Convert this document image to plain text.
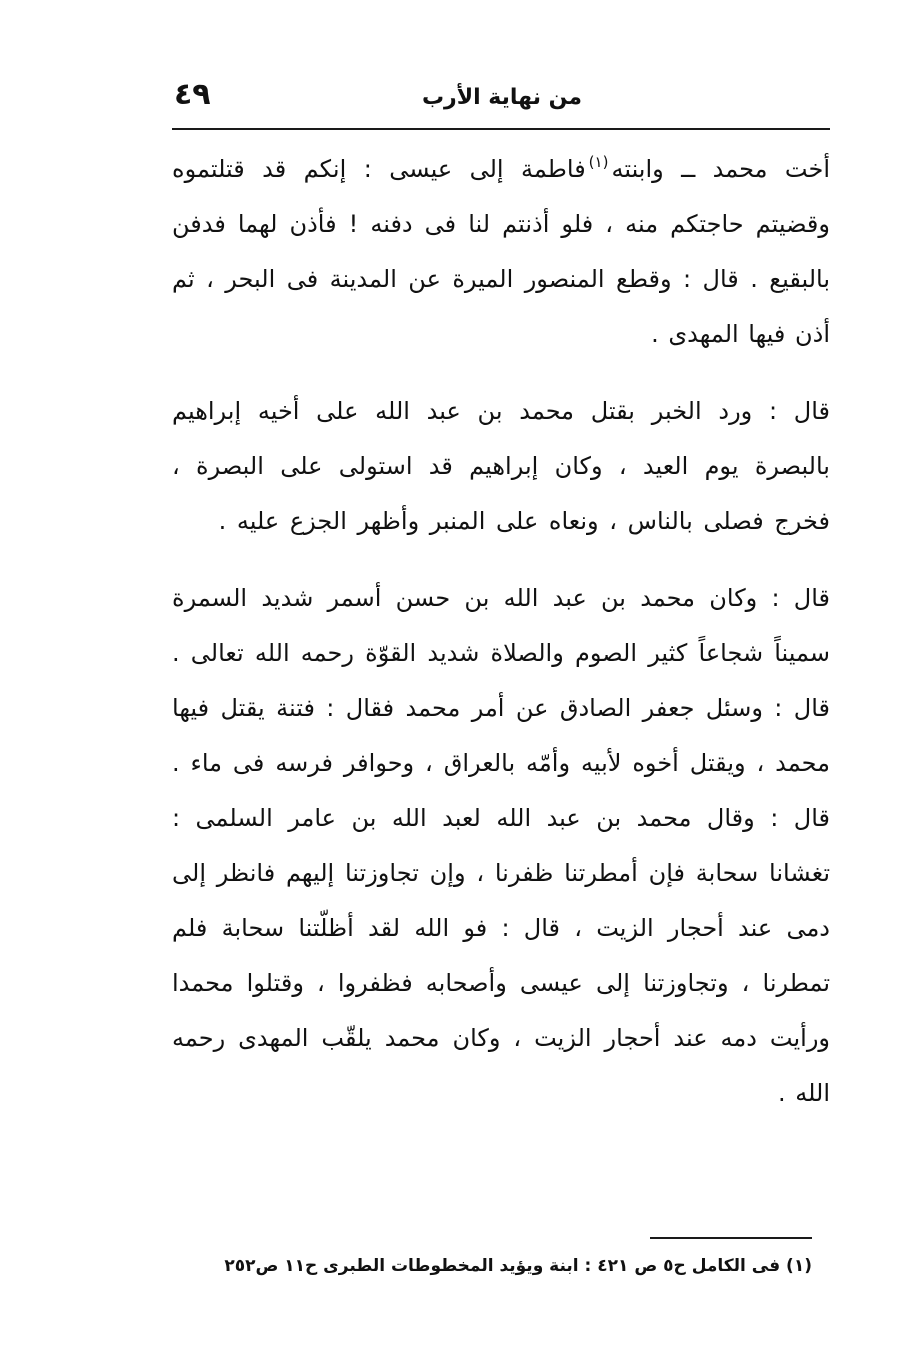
٤٩	من نهاية الأرب

أخت محمد ــ وابنته$^{(١)}$فاطمة إلى عيسى : إنكم قد قتلتموه وقضيتم حاجتكم منه ، فلو أذنتم لنا فى دفنه ! فأذن لهما فدفن بالبقيع . قال : وقطع المنصور الميرة عن المدينة فى البحر ، ثم أذن فيها المهدى .

قال : ورد الخبر بقتل محمد بن عبد الله على أخيه إبراهيم بالبصرة يوم العيد ، وكان إبراهيم قد استولى على البصرة ، فخرج فصلى بالناس ، ونعاه على المنبر وأظهر الجزع عليه .

قال : وكان محمد بن عبد الله بن حسن أسمر شديد السمرة سميناً شجاعاً كثير الصوم والصلاة شديد القوّة رحمه الله تعالى . قال : وسئل جعفر الصادق عن أمر محمد فقال : فتنة يقتل فيها محمد ، ويقتل أخوه لأبيه وأمّه بالعراق ، وحوافر فرسه فى ماء . قال : وقال محمد بن عبد الله لعبد الله بن عامر السلمى : تغشانا سحابة فإن أمطرتنا ظفرنا ، وإن تجاوزتنا إليهم فانظر إلى دمى عند أحجار الزيت ، قال : فو الله لقد أظلّتنا سحابة فلم تمطرنا ، وتجاوزتنا إلى عيسى وأصحابه فظفروا ، وقتلوا محمدا ورأيت دمه عند أحجار الزيت ، وكان محمد يلقّب المهدى رحمه الله .

(١) فى الكامل ح٥ ص ٤٢١ : ابنة ويؤيد المخطوطات الطبرى ح١١ ص٢٥٢
